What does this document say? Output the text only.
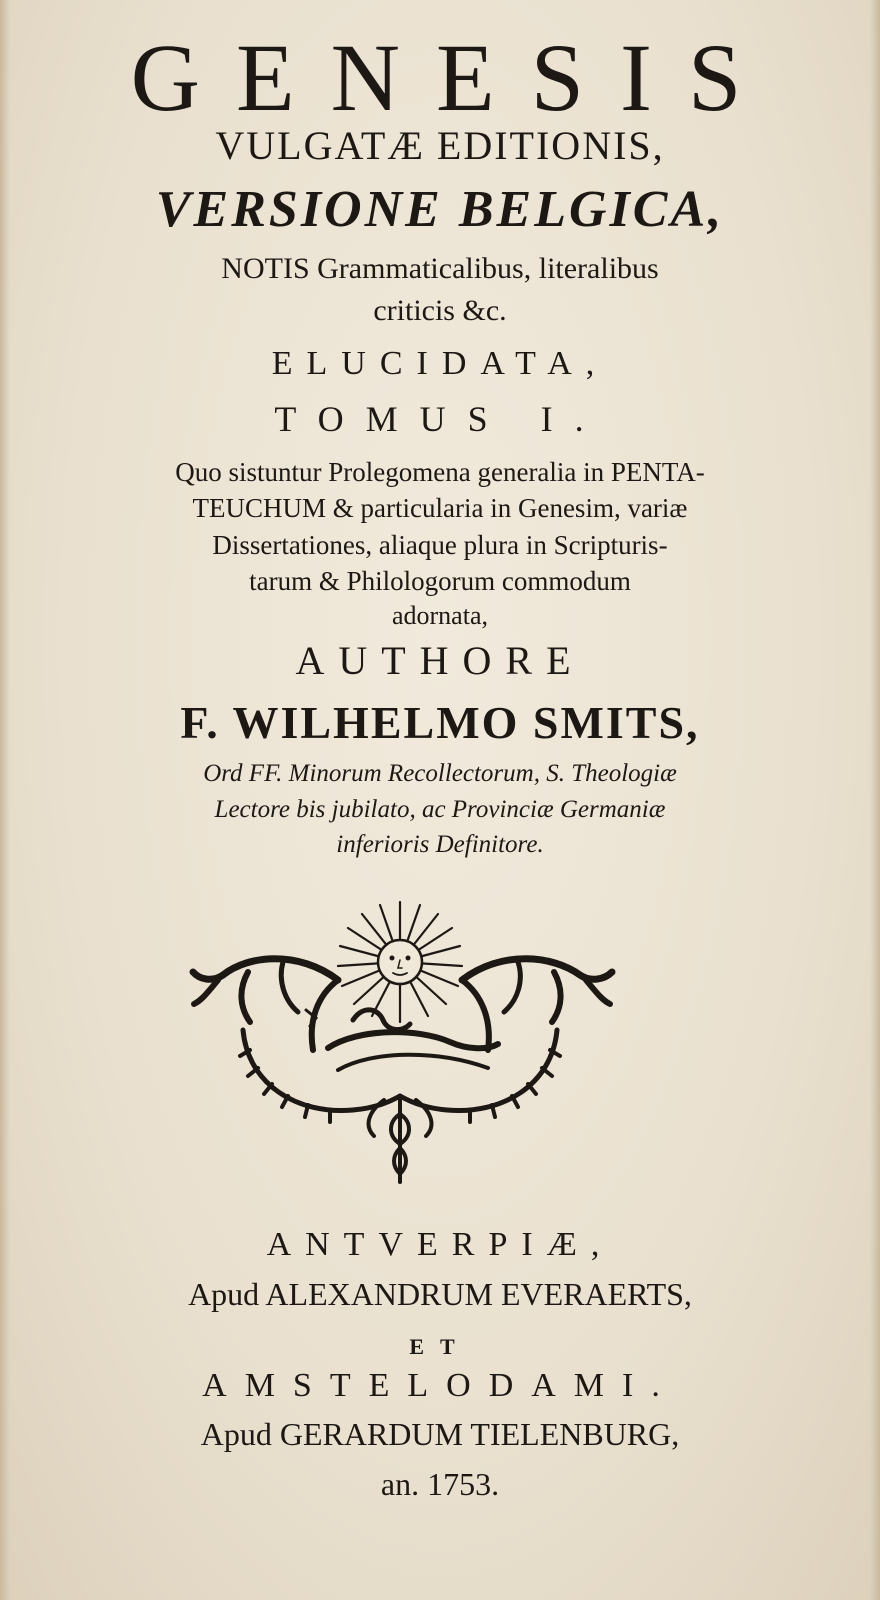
GENESIS
VULGATÆ EDITIONIS,
VERSIONE BELGICA,
NOTIS Grammaticalibus, literalibus
criticis &c.
ELUCIDATA,
TOMUS I.
Quo sistuntur Prolegomena generalia in PENTA-
TEUCHUM & particularia in Genesim, variæ
Dissertationes, aliaque plura in Scripturis-
tarum & Philologorum commodum
adornata,
AUTHORE
F. WILHELMO SMITS,
Ord FF. Minorum Recollectorum, S. Theologiæ
Lectore bis jubilato, ac Provinciæ Germaniæ
inferioris Definitore.
ANTVERPIÆ,
Apud ALEXANDRUM EVERAERTS,
ET
AMSTELODAMI.
Apud GERARDUM TIELENBURG,
an. 1753.
